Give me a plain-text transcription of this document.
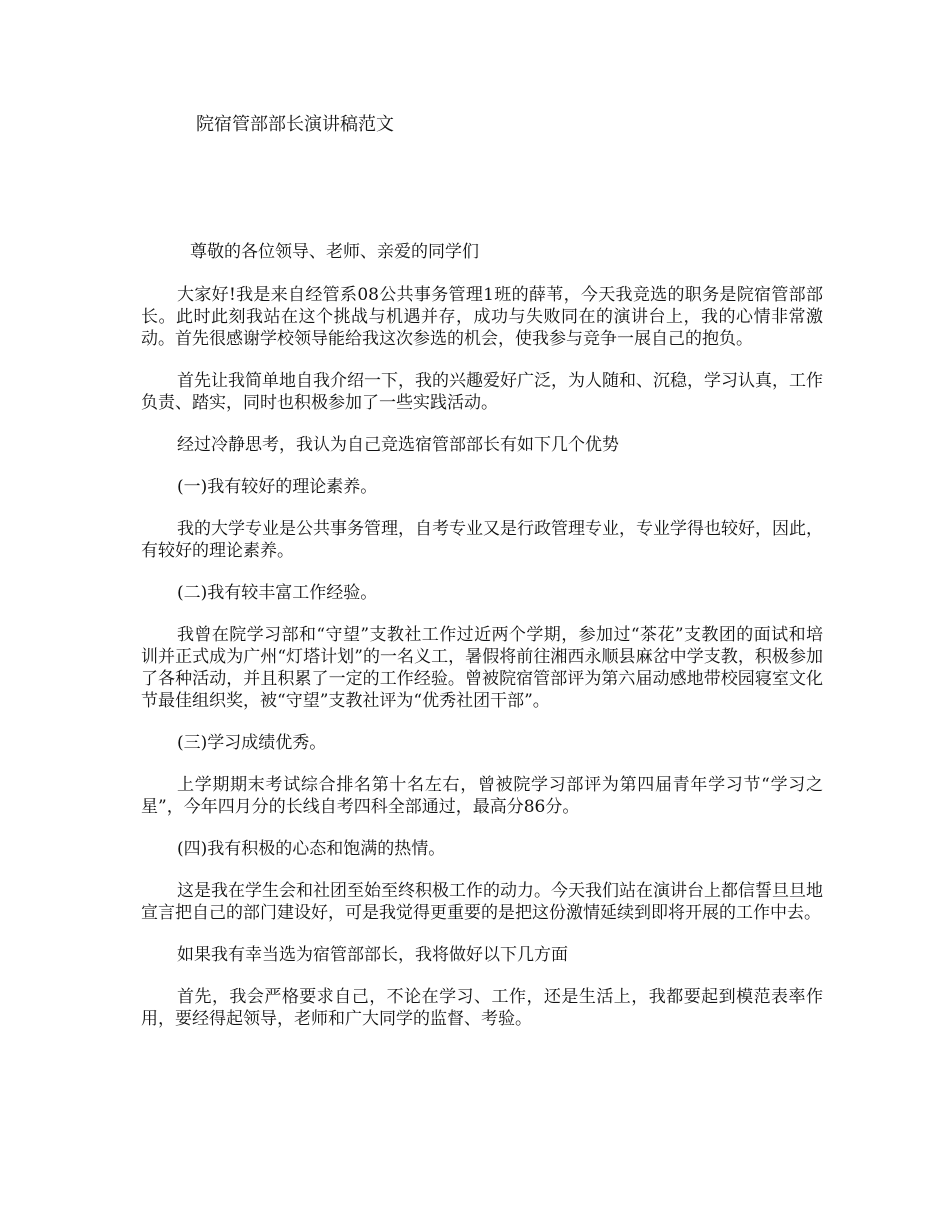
院宿管部部长演讲稿范文
尊敬的各位领导、老师、亲爱的同学们

大家好!我是来自经管系08公共事务管理1班的薛苇，今天我竞选的职务是院宿管部部长。此时此刻我站在这个挑战与机遇并存，成功与失败同在的演讲台上，我的心情非常激动。首先很感谢学校领导能给我这次参选的机会，使我参与竞争一展自己的抱负。

首先让我简单地自我介绍一下，我的兴趣爱好广泛，为人随和、沉稳，学习认真，工作负责、踏实，同时也积极参加了一些实践活动。

经过冷静思考，我认为自己竞选宿管部部长有如下几个优势

(一)我有较好的理论素养。

我的大学专业是公共事务管理，自考专业又是行政管理专业，专业学得也较好，因此，有较好的理论素养。

(二)我有较丰富工作经验。

我曾在院学习部和“守望”支教社工作过近两个学期，参加过“茶花”支教团的面试和培训并正式成为广州“灯塔计划”的一名义工，暑假将前往湘西永顺县麻岔中学支教，积极参加了各种活动，并且积累了一定的工作经验。曾被院宿管部评为第六届动感地带校园寝室文化节最佳组织奖，被“守望”支教社评为“优秀社团干部”。

(三)学习成绩优秀。

上学期期末考试综合排名第十名左右，曾被院学习部评为第四届青年学习节“学习之星”，今年四月分的长线自考四科全部通过，最高分86分。

(四)我有积极的心态和饱满的热情。

这是我在学生会和社团至始至终积极工作的动力。今天我们站在演讲台上都信誓旦旦地宣言把自己的部门建设好，可是我觉得更重要的是把这份激情延续到即将开展的工作中去。

如果我有幸当选为宿管部部长，我将做好以下几方面

首先，我会严格要求自己，不论在学习、工作，还是生活上，我都要起到模范表率作用，要经得起领导，老师和广大同学的监督、考验。
